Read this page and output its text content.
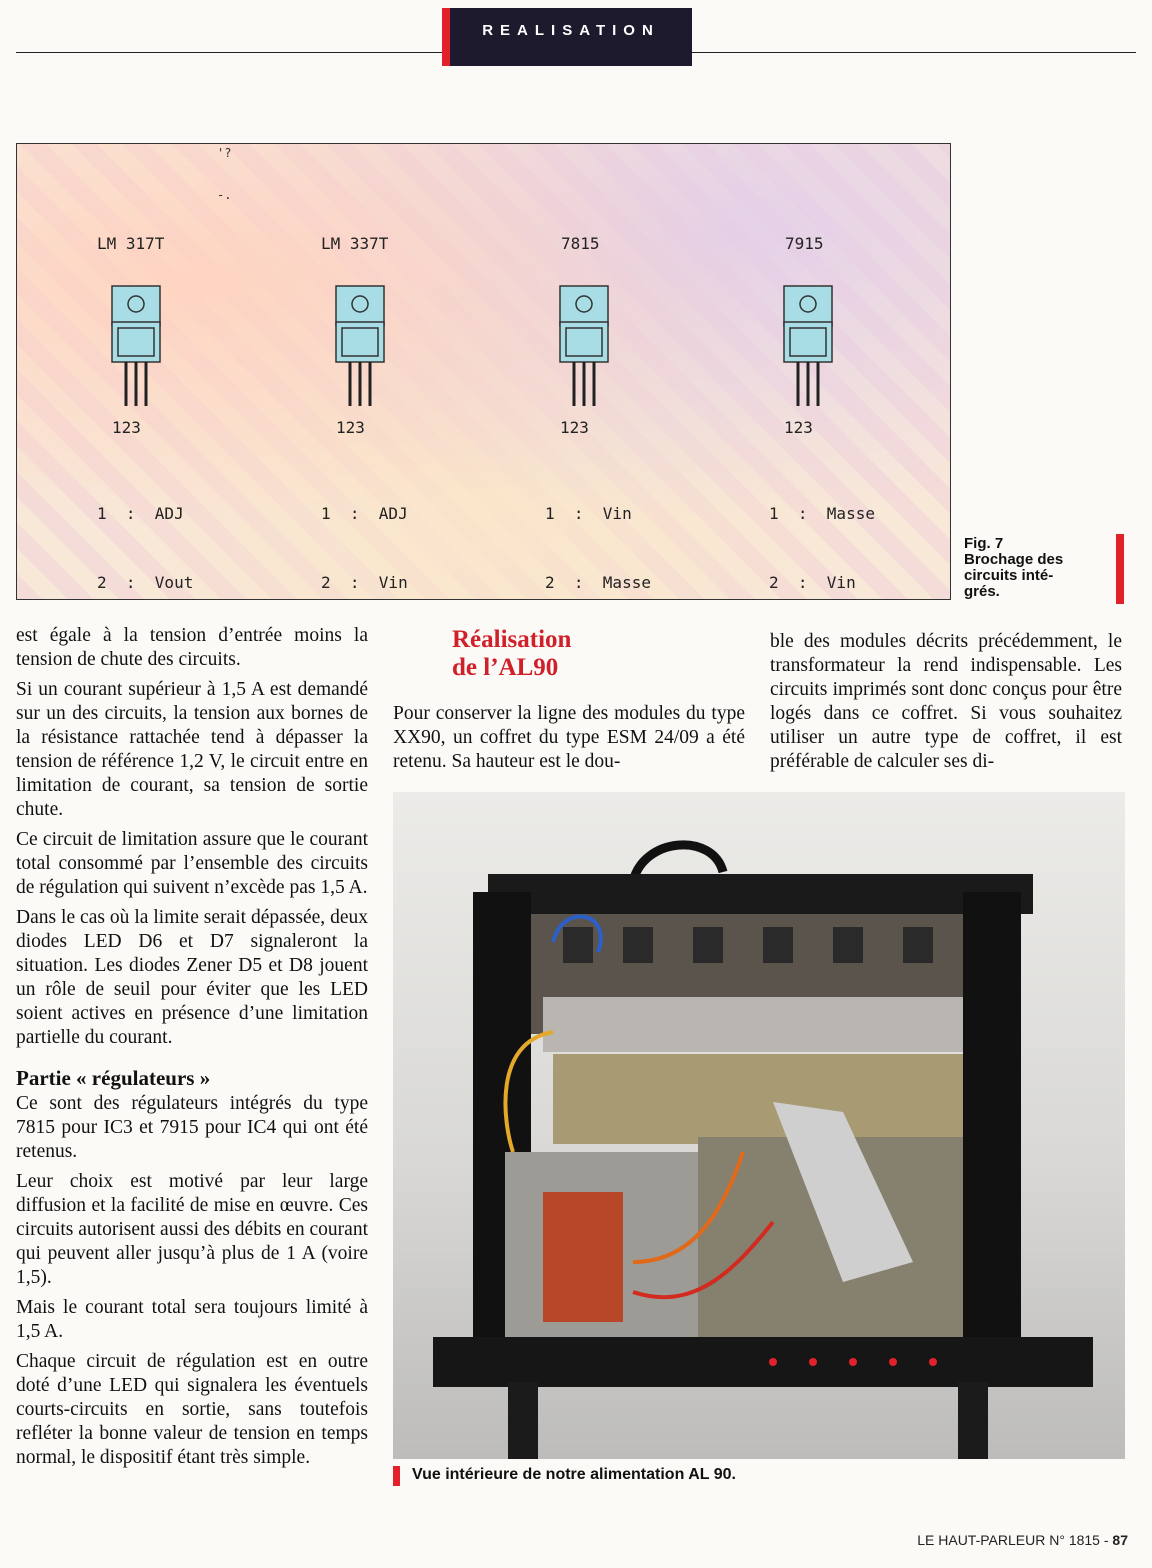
REALISATION
'?
-.
LM 317T
123

1  :  ADJ

2  :  Vout

LM 337T
123

1  :  ADJ

2  :  Vin

7815
123

1  :  Vin

2  :  Masse

7915
123

1  :  Masse

2  :  Vin

Fig. 7
Brochage des
circuits inté-
grés.

est égale à la tension d’entrée moins la tension de chute des circuits.

Si un courant supérieur à 1,5 A est demandé sur un des circuits, la tension aux bornes de la résistance rattachée tend à dépasser la tension de référence 1,2 V, le circuit entre en limitation de courant, sa tension de sortie chute.

Ce circuit de limitation assure que le courant total consommé par l’ensemble des circuits de régulation qui suivent n’excède pas 1,5 A.

Dans le cas où la limite serait dépassée, deux diodes LED D6 et D7 signaleront la situation. Les diodes Zener D5 et D8 jouent un rôle de seuil pour éviter que les LED soient actives en présence d’une limitation partielle du courant.

Partie « régulateurs »

Ce sont des régulateurs intégrés du type 7815 pour IC3 et 7915 pour IC4 qui ont été retenus.

Leur choix est motivé par leur large diffusion et la facilité de mise en œuvre. Ces circuits autorisent aussi des débits en courant qui peuvent aller jusqu’à plus de 1 A (voire 1,5).

Mais le courant total sera toujours limité à 1,5 A.

Chaque circuit de régulation est en outre doté d’une LED qui signalera les éventuels courts-circuits en sortie, sans toutefois refléter la bonne valeur de tension en temps normal, le dispositif étant très simple.

Réalisation
de l’AL90

Pour conserver la ligne des modules du type XX90, un coffret du type ESM 24/09 a été retenu. Sa hauteur est le dou-

ble des modules décrits précédemment, le transformateur la rend indispensable. Les circuits imprimés sont donc conçus pour être logés dans ce coffret. Si vous souhaitez utiliser un autre type de coffret, il est préférable de calculer ses di-

Vue intérieure de notre alimentation AL 90.
LE HAUT-PARLEUR N° 1815 - 87
